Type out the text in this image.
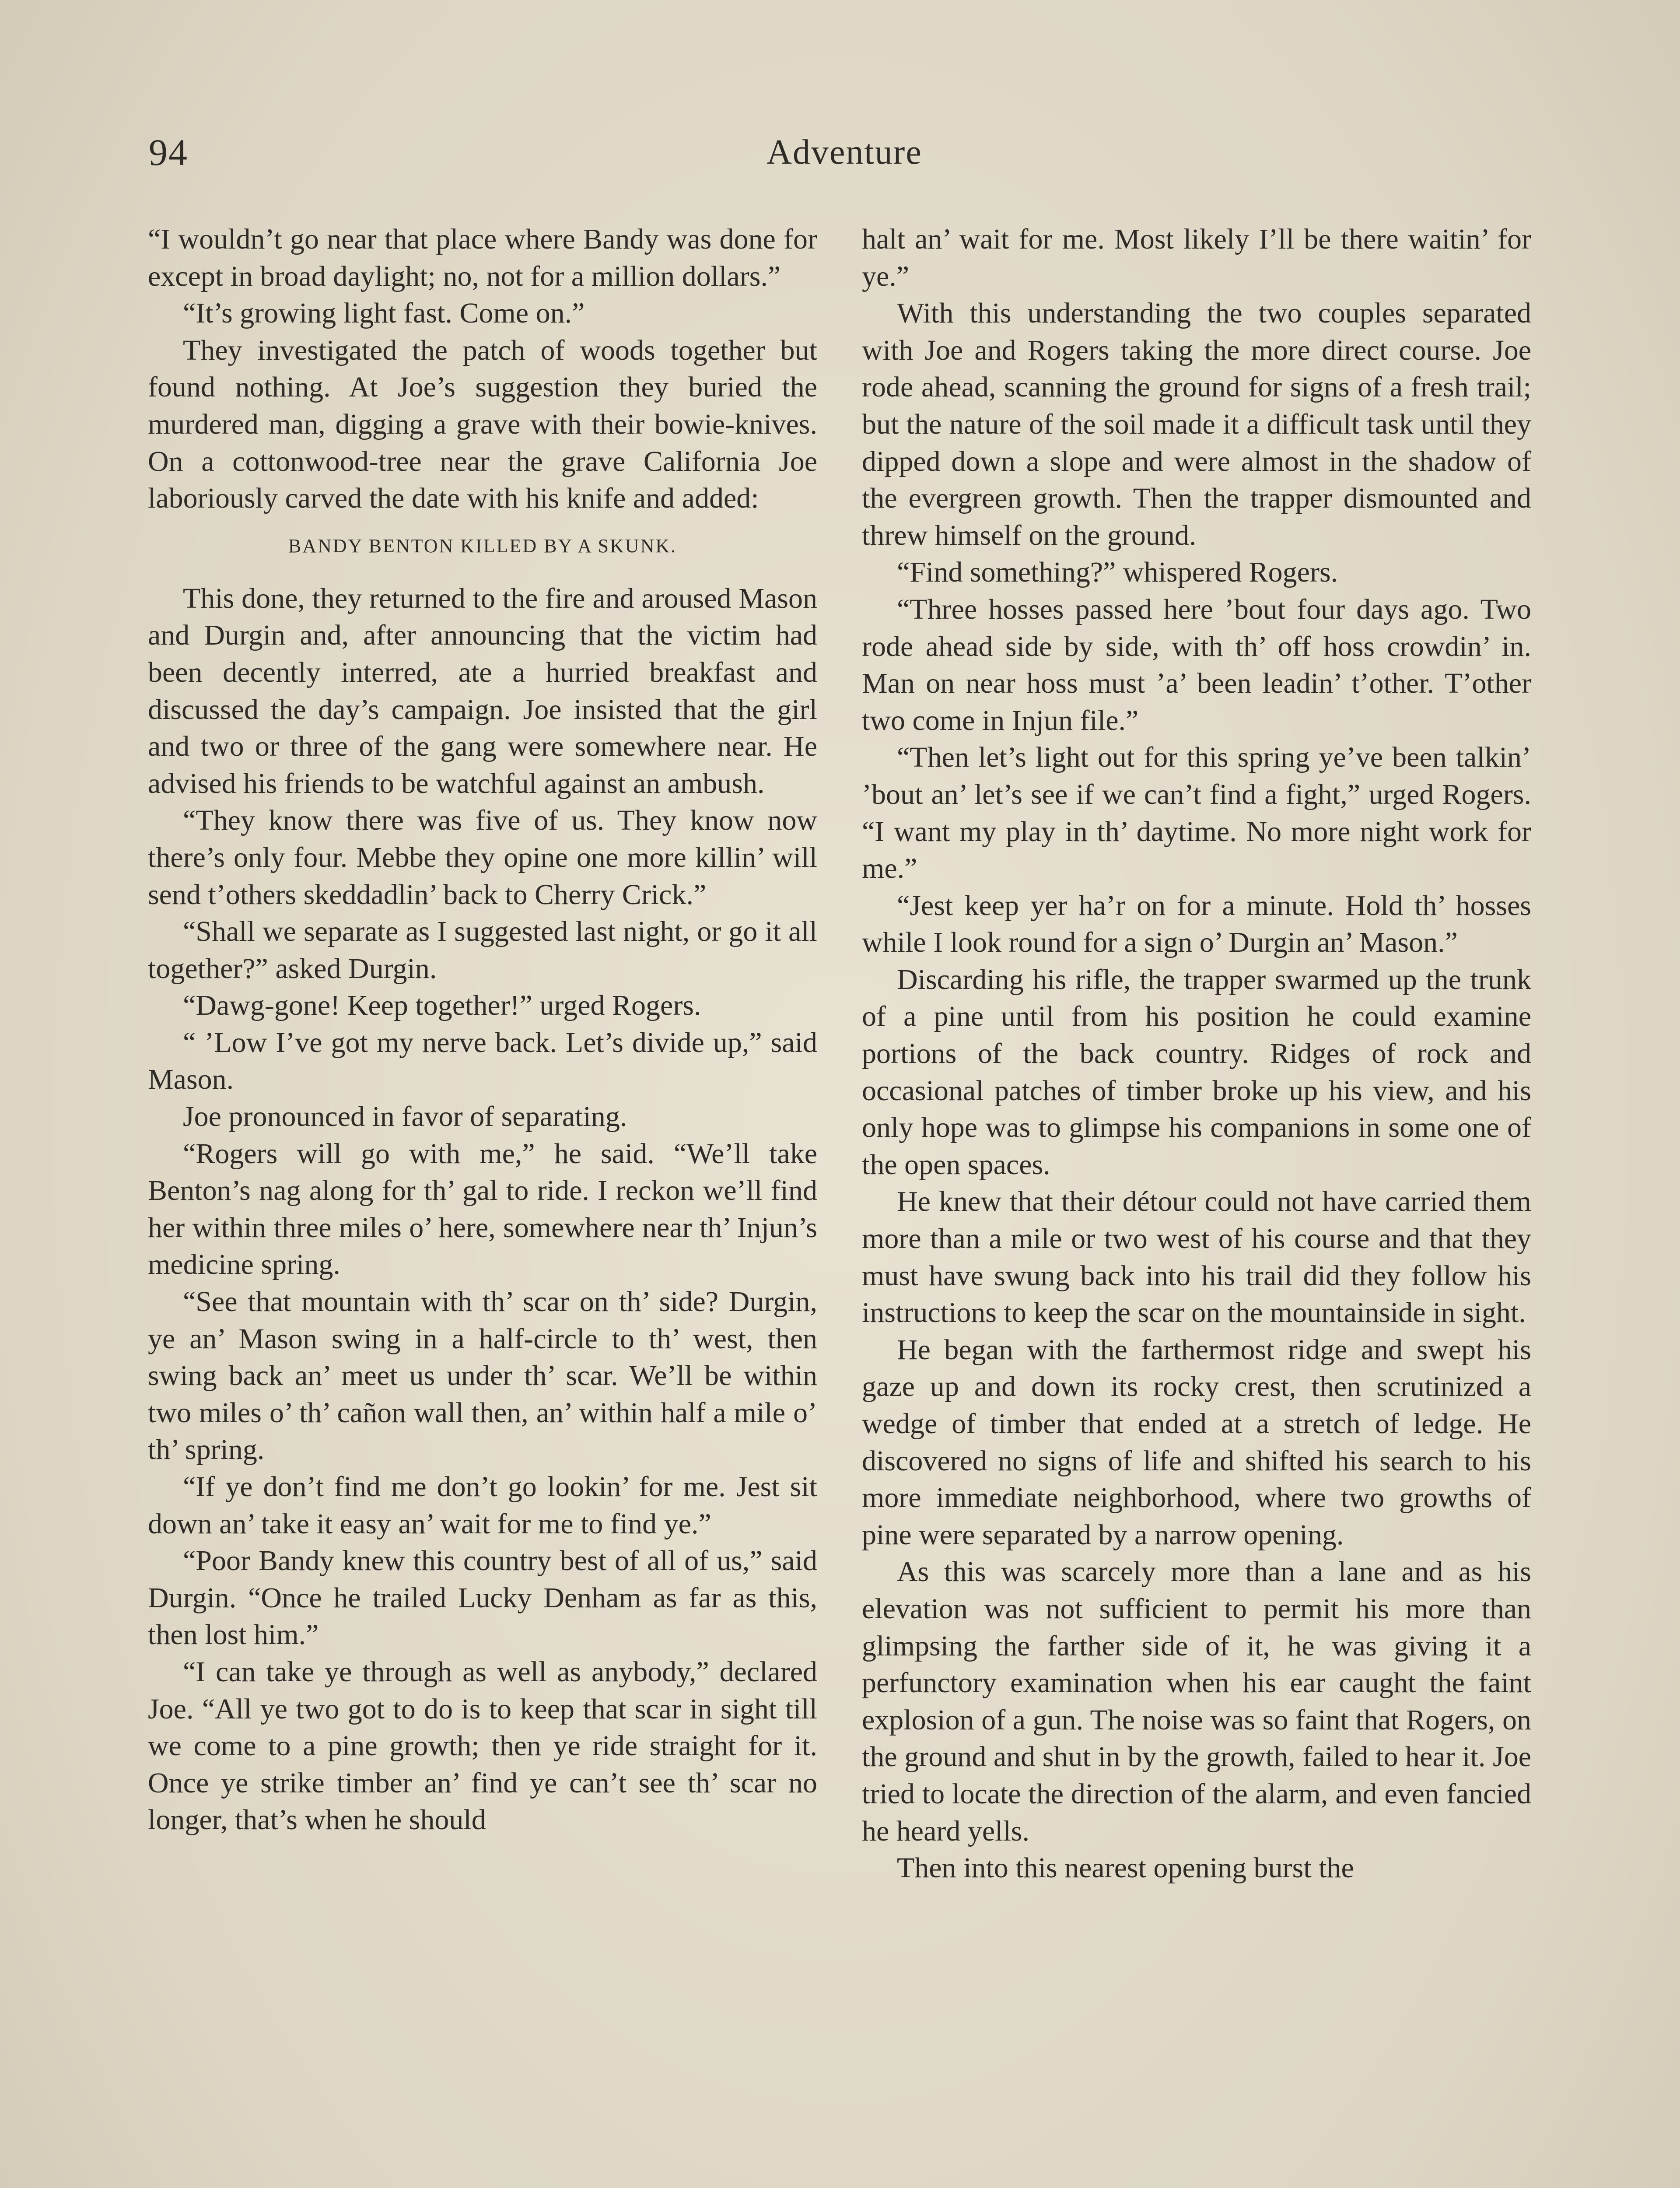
94	Adventure

“I wouldn’t go near that place where Bandy was done for except in broad daylight; no, not for a million dollars.”

“It’s growing light fast. Come on.”

They investigated the patch of woods together but found nothing. At Joe’s suggestion they buried the murdered man, digging a grave with their bowie-knives. On a cottonwood-tree near the grave California Joe laboriously carved the date with his knife and added:

BANDY BENTON KILLED BY A SKUNK.

This done, they returned to the fire and aroused Mason and Durgin and, after announcing that the victim had been decently interred, ate a hurried breakfast and discussed the day’s campaign. Joe insisted that the girl and two or three of the gang were somewhere near. He advised his friends to be watchful against an ambush.

“They know there was five of us. They know now there’s only four. Mebbe they opine one more killin’ will send t’others skeddadlin’ back to Cherry Crick.”

“Shall we separate as I suggested last night, or go it all together?” asked Durgin.

“Dawg-gone! Keep together!” urged Rogers.

“ ’Low I’ve got my nerve back. Let’s divide up,” said Mason.

Joe pronounced in favor of separating.

“Rogers will go with me,” he said. “We’ll take Benton’s nag along for th’ gal to ride. I reckon we’ll find her within three miles o’ here, somewhere near th’ Injun’s medicine spring.

“See that mountain with th’ scar on th’ side? Durgin, ye an’ Mason swing in a half-circle to th’ west, then swing back an’ meet us under th’ scar. We’ll be within two miles o’ th’ cañon wall then, an’ within half a mile o’ th’ spring.

“If ye don’t find me don’t go lookin’ for me. Jest sit down an’ take it easy an’ wait for me to find ye.”

“Poor Bandy knew this country best of all of us,” said Durgin. “Once he trailed Lucky Denham as far as this, then lost him.”

“I can take ye through as well as anybody,” declared Joe. “All ye two got to do is to keep that scar in sight till we come to a pine growth; then ye ride straight for it. Once ye strike timber an’ find ye can’t see th’ scar no longer, that’s when he should

halt an’ wait for me. Most likely I’ll be there waitin’ for ye.”

With this understanding the two couples separated with Joe and Rogers taking the more direct course. Joe rode ahead, scanning the ground for signs of a fresh trail; but the nature of the soil made it a difficult task until they dipped down a slope and were almost in the shadow of the evergreen growth. Then the trapper dismounted and threw himself on the ground.

“Find something?” whispered Rogers.

“Three hosses passed here ’bout four days ago. Two rode ahead side by side, with th’ off hoss crowdin’ in. Man on near hoss must ’a’ been leadin’ t’other. T’other two come in Injun file.”

“Then let’s light out for this spring ye’ve been talkin’ ’bout an’ let’s see if we can’t find a fight,” urged Rogers. “I want my play in th’ daytime. No more night work for me.”

“Jest keep yer ha’r on for a minute. Hold th’ hosses while I look round for a sign o’ Durgin an’ Mason.”

Discarding his rifle, the trapper swarmed up the trunk of a pine until from his position he could examine portions of the back country. Ridges of rock and occasional patches of timber broke up his view, and his only hope was to glimpse his companions in some one of the open spaces.

He knew that their détour could not have carried them more than a mile or two west of his course and that they must have swung back into his trail did they follow his instructions to keep the scar on the mountainside in sight.

He began with the farthermost ridge and swept his gaze up and down its rocky crest, then scrutinized a wedge of timber that ended at a stretch of ledge. He discovered no signs of life and shifted his search to his more immediate neighborhood, where two growths of pine were separated by a narrow opening.

As this was scarcely more than a lane and as his elevation was not sufficient to permit his more than glimpsing the farther side of it, he was giving it a perfunctory examination when his ear caught the faint explosion of a gun. The noise was so faint that Rogers, on the ground and shut in by the growth, failed to hear it. Joe tried to locate the direction of the alarm, and even fancied he heard yells.

Then into this nearest opening burst the
